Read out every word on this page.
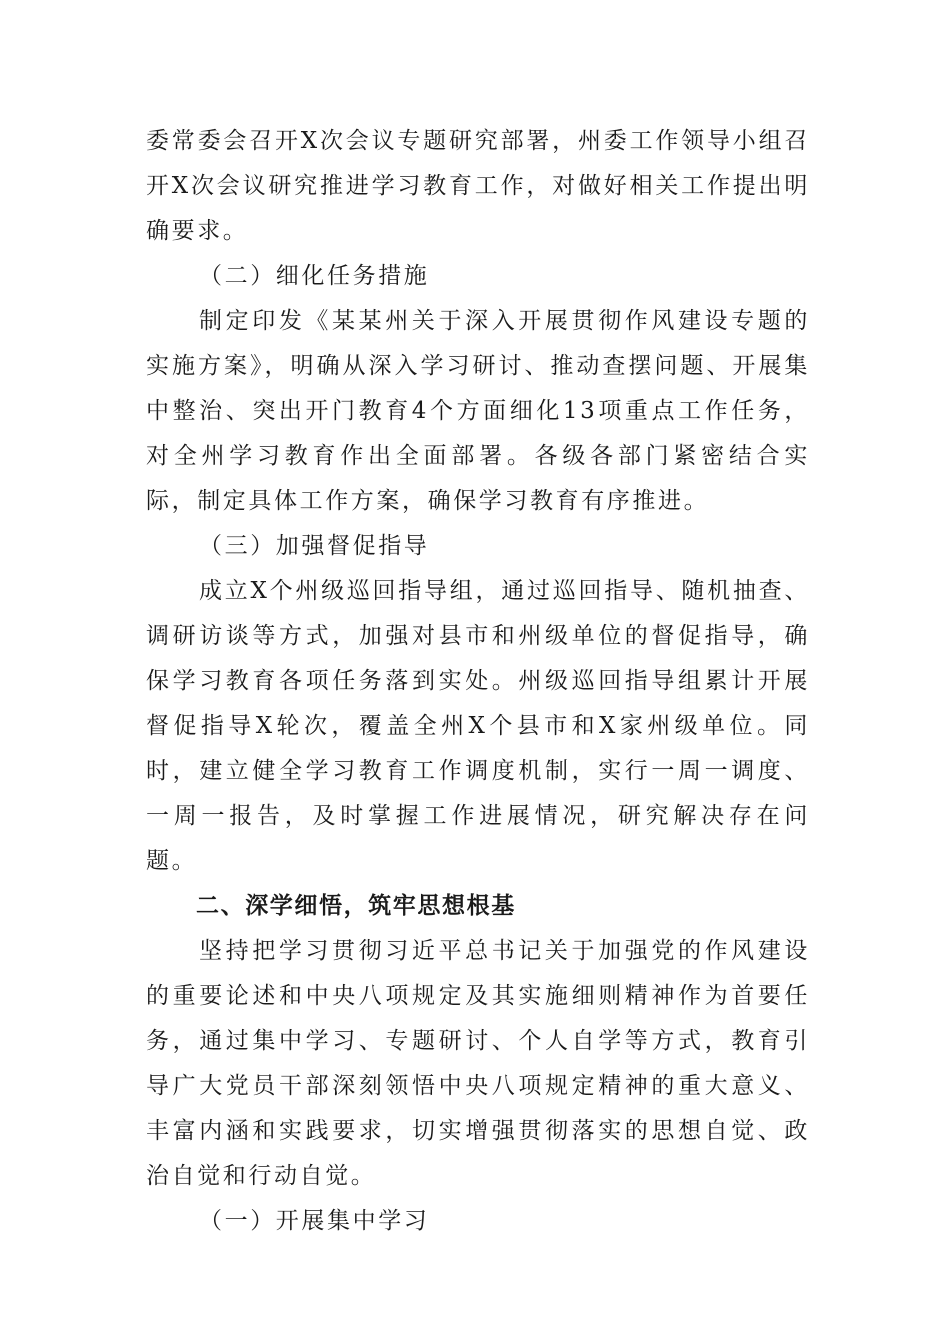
委常委会召开X次会议专题研究部署，州委工作领导小组召开X次会议研究推进学习教育工作，对做好相关工作提出明确要求。

（二）细化任务措施

制定印发《某某州关于深入开展贯彻作风建设专题的实施方案》，明确从深入学习研讨、推动查摆问题、开展集中整治、突出开门教育4个方面细化13项重点工作任务，对全州学习教育作出全面部署。各级各部门紧密结合实际，制定具体工作方案，确保学习教育有序推进。

（三）加强督促指导

成立X个州级巡回指导组，通过巡回指导、随机抽查、调研访谈等方式，加强对县市和州级单位的督促指导，确保学习教育各项任务落到实处。州级巡回指导组累计开展督促指导X轮次，覆盖全州X个县市和X家州级单位。同时，建立健全学习教育工作调度机制，实行一周一调度、一周一报告，及时掌握工作进展情况，研究解决存在问题。

二、深学细悟，筑牢思想根基

坚持把学习贯彻习近平总书记关于加强党的作风建设的重要论述和中央八项规定及其实施细则精神作为首要任务，通过集中学习、专题研讨、个人自学等方式，教育引导广大党员干部深刻领悟中央八项规定精神的重大意义、丰富内涵和实践要求，切实增强贯彻落实的思想自觉、政治自觉和行动自觉。

（一）开展集中学习
